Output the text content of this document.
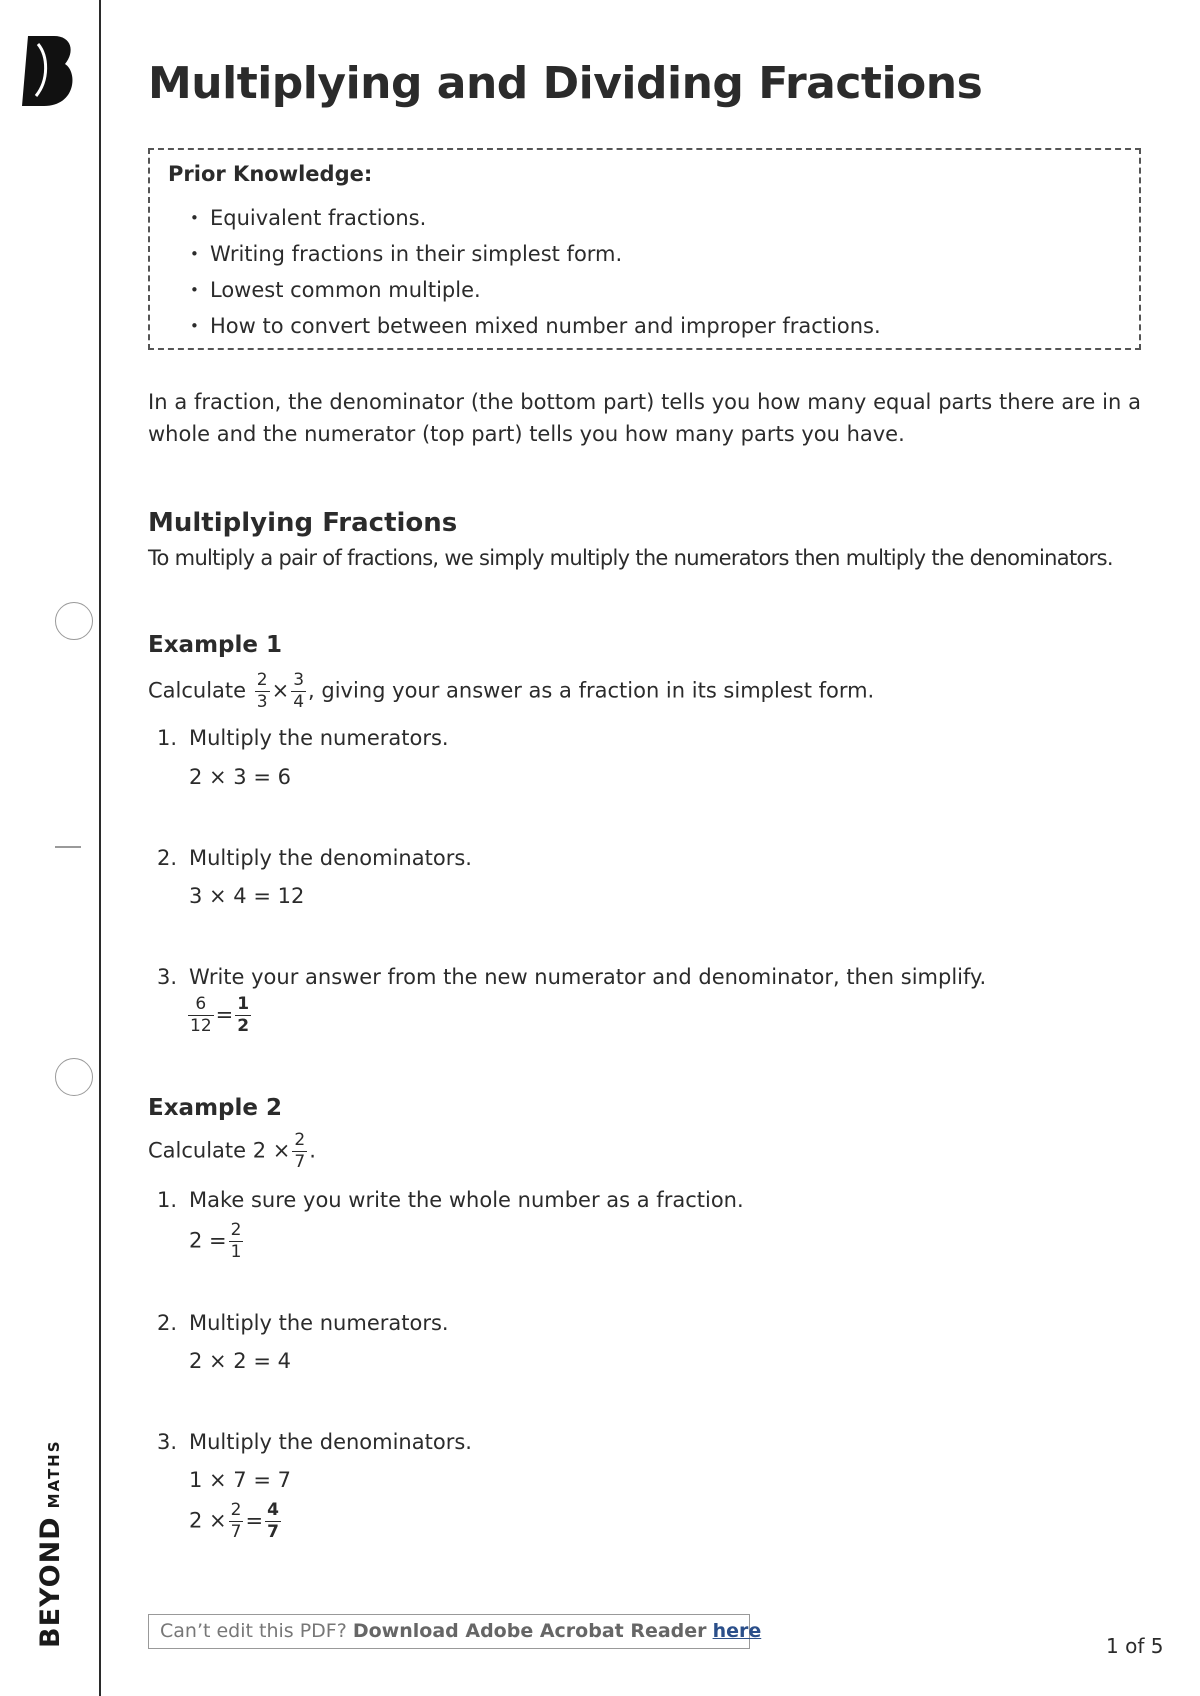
BEYONDMATHS
Multiplying and Dividing Fractions
Prior Knowledge:
• Equivalent fractions.
• Writing fractions in their simplest form.
• Lowest common multiple.
• How to convert between mixed number and improper fractions.

In a fraction, the denominator (the bottom part) tells you how many equal parts there are in a whole and the numerator (top part) tells you how many parts you have.

Multiplying Fractions

To multiply a pair of fractions, we simply multiply the numerators then multiply the denominators.

Example 1
Calculate $\frac{2}{3} \times \frac{3}{4}$ , giving your answer as a fraction in its simplest form.
1. Multiply the numerators.
2 × 3 = 6
2. Multiply the denominators.
3 × 4 = 12
3. Write your answer from the new numerator and denominator, then simplify.
$\frac{6}{12} = \frac{1}{2}$
Example 2
Calculate $2 \times \frac{2}{7}$ .
1. Make sure you write the whole number as a fraction.
$2 = \frac{2}{1}$
2. Multiply the numerators.
2 × 2 = 4
3. Multiply the denominators.
1 × 7 = 7
$2 \times \frac{2}{7} = \frac{4}{7}$
Can’t edit this PDF? Download Adobe Acrobat Reader here
1 of 5
